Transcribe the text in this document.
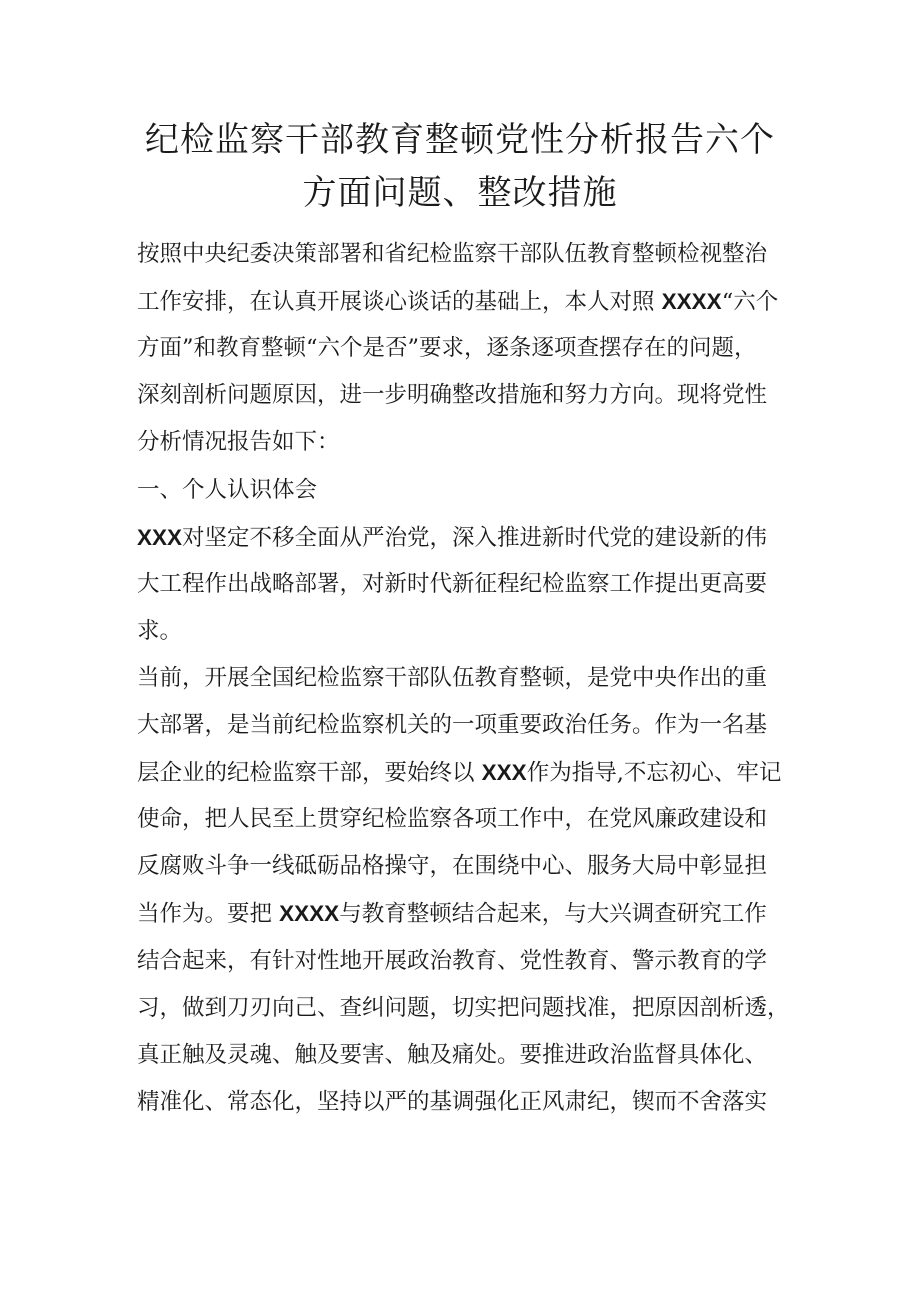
纪检监察干部教育整顿党性分析报告六个
方面问题、整改措施

按照中央纪委决策部署和省纪检监察干部队伍教育整顿检视整治

工作安排，在认真开展谈心谈话的基础上，本人对照 XXXX“六个

方面”和教育整顿“六个是否”要求，逐条逐项查摆存在的问题，

深刻剖析问题原因，进一步明确整改措施和努力方向。现将党性

分析情况报告如下：

一、个人认识体会

XXX对坚定不移全面从严治党，深入推进新时代党的建设新的伟

大工程作出战略部署，对新时代新征程纪检监察工作提出更高要

求。

当前，开展全国纪检监察干部队伍教育整顿，是党中央作出的重

大部署，是当前纪检监察机关的一项重要政治任务。作为一名基

层企业的纪检监察干部，要始终以 XXX作为指导,不忘初心、牢记

使命，把人民至上贯穿纪检监察各项工作中，在党风廉政建设和

反腐败斗争一线砥砺品格操守，在围绕中心、服务大局中彰显担

当作为。要把 XXXX与教育整顿结合起来，与大兴调查研究工作

结合起来，有针对性地开展政治教育、党性教育、警示教育的学

习，做到刀刃向己、查纠问题，切实把问题找准，把原因剖析透，

真正触及灵魂、触及要害、触及痛处。要推进政治监督具体化、

精准化、常态化，坚持以严的基调强化正风肃纪，锲而不舍落实
